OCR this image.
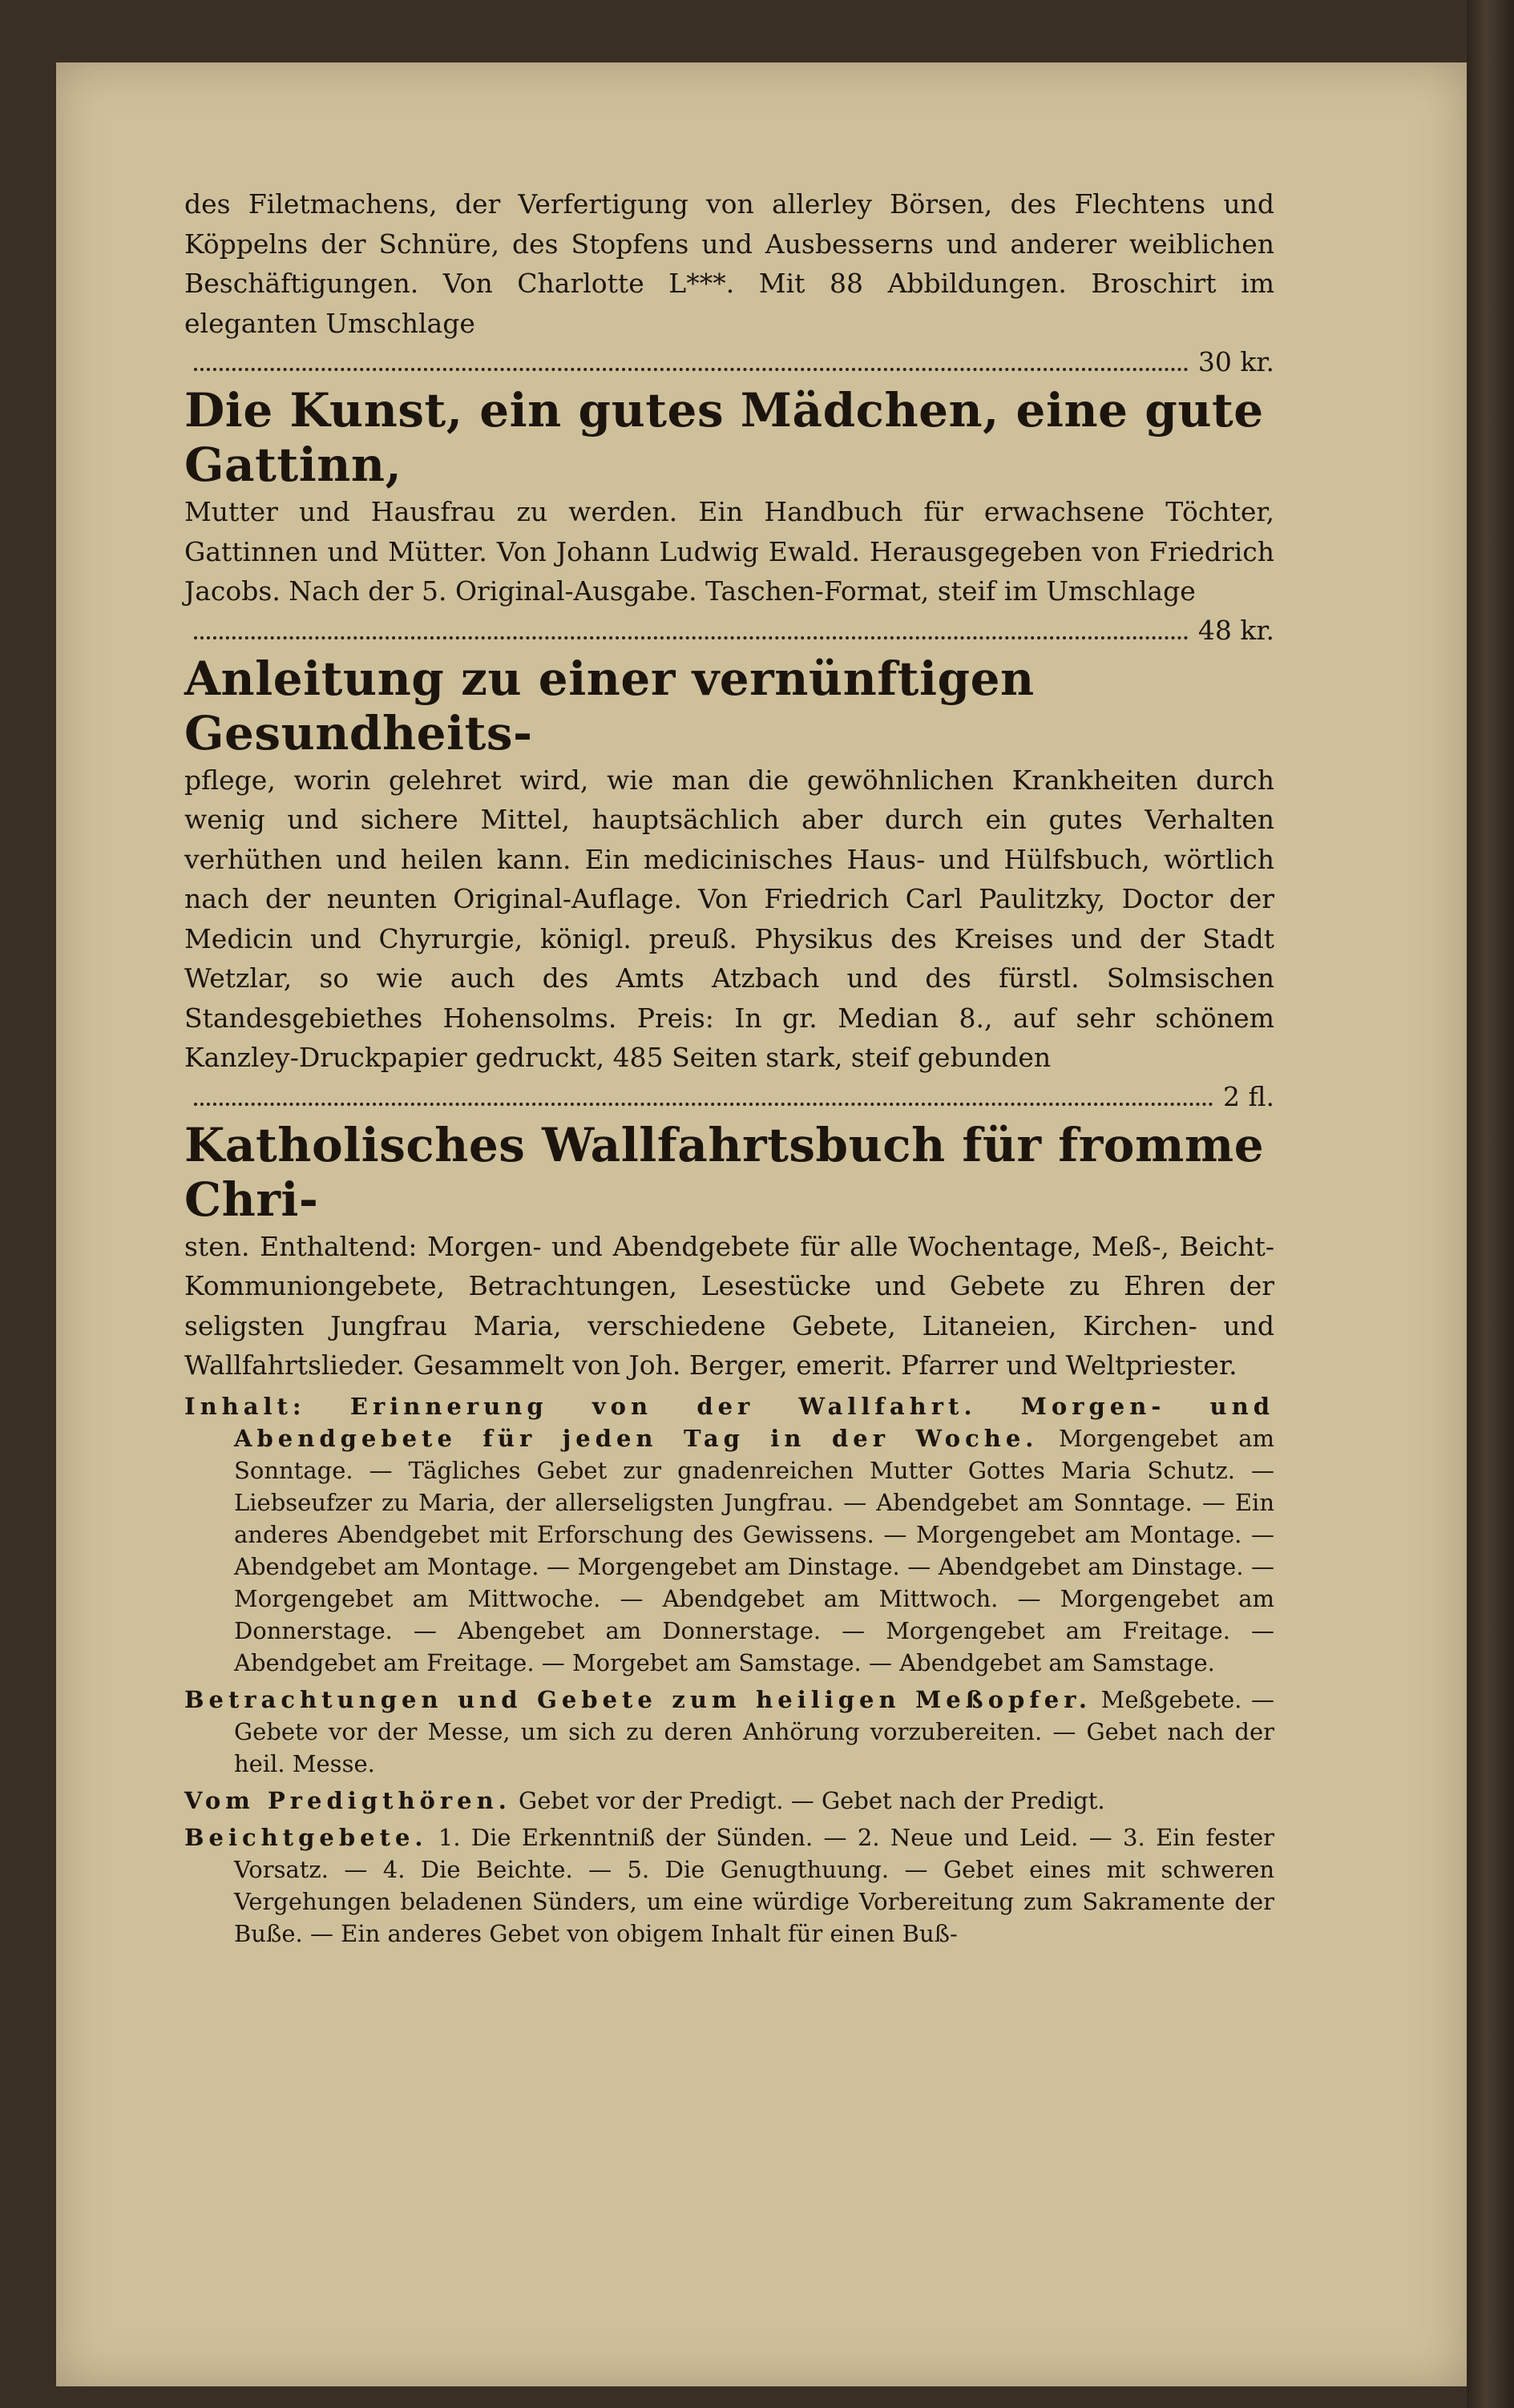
des Filetmachens, der Verfertigung von allerley Börsen, des Flechtens und Köppelns der Schnüre, des Stopfens und Ausbesserns und anderer weiblichen Beschäftigungen. Von Charlotte L***. Mit 88 Abbildungen. Broschirt im eleganten Umschlage
30 kr.
Die Kunst, ein gutes Mädchen, eine gute Gattinn,
Mutter und Hausfrau zu werden. Ein Handbuch für erwachsene Töchter, Gattinnen und Mütter. Von Johann Ludwig Ewald. Herausgegeben von Friedrich Jacobs. Nach der 5. Original-Ausgabe. Taschen-Format, steif im Umschlage
48 kr.
Anleitung zu einer vernünftigen Gesundheits-
pflege, worin gelehret wird, wie man die gewöhnlichen Krankheiten durch wenig und sichere Mittel, hauptsächlich aber durch ein gutes Verhalten verhüthen und heilen kann. Ein medicinisches Haus- und Hülfsbuch, wörtlich nach der neunten Original-Auflage. Von Friedrich Carl Paulitzky, Doctor der Medicin und Chyrurgie, königl. preuß. Physikus des Kreises und der Stadt Wetzlar, so wie auch des Amts Atzbach und des fürstl. Solmsischen Standesgebiethes Hohensolms. Preis: In gr. Median 8., auf sehr schönem Kanzley-Druckpapier gedruckt, 485 Seiten stark, steif gebunden
2 fl.
Katholisches Wallfahrtsbuch für fromme Chri-
sten. Enthaltend: Morgen- und Abendgebete für alle Wochentage, Meß-, Beicht- Kommuniongebete, Betrachtungen, Lesestücke und Gebete zu Ehren der seligsten Jungfrau Maria, verschiedene Gebete, Litaneien, Kirchen- und Wallfahrtslieder. Gesammelt von Joh. Berger, emerit. Pfarrer und Weltpriester.
Inhalt: Erinnerung von der Wallfahrt. Morgen- und Abendgebete für jeden Tag in der Woche. Morgengebet am Sonntage. — Tägliches Gebet zur gnadenreichen Mutter Gottes Maria Schutz. — Liebseufzer zu Maria, der allerseligsten Jungfrau. — Abendgebet am Sonntage. — Ein anderes Abendgebet mit Erforschung des Gewissens. — Morgengebet am Montage. — Abendgebet am Montage. — Morgengebet am Dinstage. — Abendgebet am Dinstage. — Morgengebet am Mittwoche. — Abendgebet am Mittwoch. — Morgengebet am Donnerstage. — Abengebet am Donnerstage. — Morgengebet am Freitage. — Abendgebet am Freitage. — Morgebet am Samstage. — Abendgebet am Samstage.
Betrachtungen und Gebete zum heiligen Meßopfer. Meßgebete. — Gebete vor der Messe, um sich zu deren Anhörung vorzubereiten. — Gebet nach der heil. Messe.
Vom Predigthören. Gebet vor der Predigt. — Gebet nach der Predigt.
Beichtgebete. 1. Die Erkenntniß der Sünden. — 2. Neue und Leid. — 3. Ein fester Vorsatz. — 4. Die Beichte. — 5. Die Genugthuung. — Gebet eines mit schweren Vergehungen beladenen Sünders, um eine würdige Vorbereitung zum Sakramente der Buße. — Ein anderes Gebet von obigem Inhalt für einen Buß-
